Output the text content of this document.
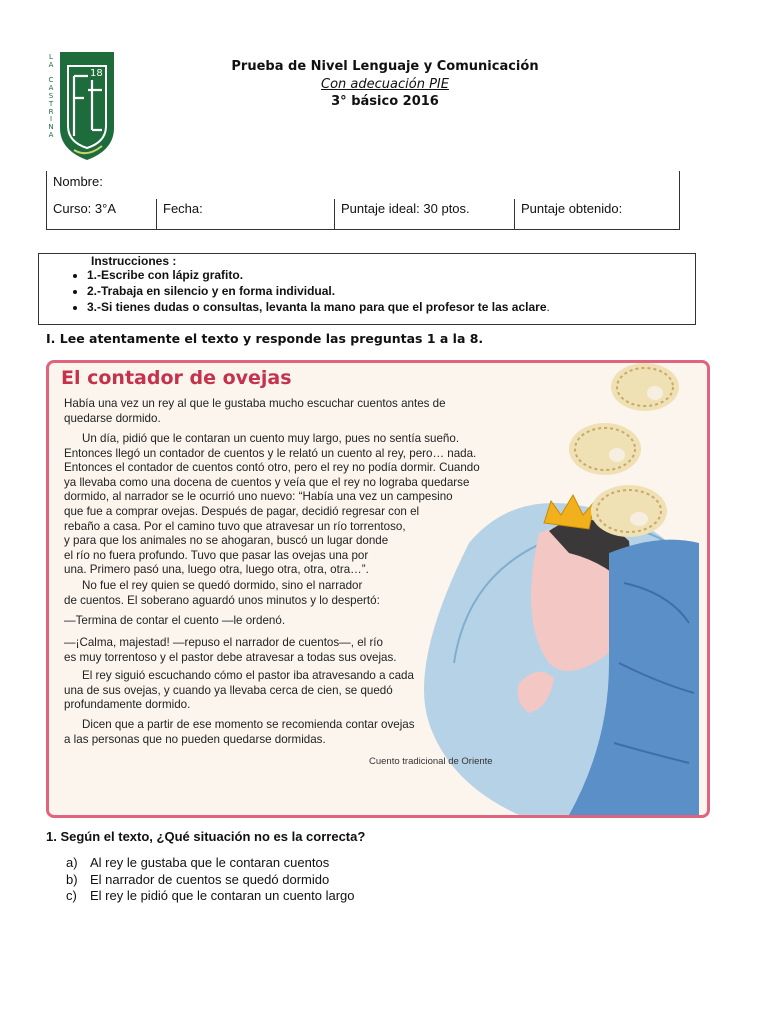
L
A

C
A
S
T
R
I
N
A
18	Prueba de Nivel Lenguaje y Comunicación
Con adecuación PIE
3° básico 2016
Nombre:
Curso: 3°A	Fecha:	Puntaje ideal: 30 ptos.	Puntaje obtenido:
Instrucciones :
• 1.-Escribe con lápiz grafito.
• 2.-Trabaja en silencio y en forma individual.
• 3.-Si tienes dudas o consultas, levanta la mano para que el profesor te las aclare.
I. Lee atentamente el texto y responde las preguntas 1 a la 8.
El contador de ovejas
Había una vez un rey al que le gustaba mucho escuchar cuentos antes de
quedarse dormido.
Un día, pidió que le contaran un cuento muy largo, pues no sentía sueño.
Entonces llegó un contador de cuentos y le relató un cuento al rey, pero… nada.
Entonces el contador de cuentos contó otro, pero el rey no podía dormir. Cuando
ya llevaba como una docena de cuentos y veía que el rey no lograba quedarse
dormido, al narrador se le ocurrió uno nuevo: “Había una vez un campesino
que fue a comprar ovejas. Después de pagar, decidió regresar con el
rebaño a casa. Por el camino tuvo que atravesar un río torrentoso,
y para que los animales no se ahogaran, buscó un lugar donde
el río no fuera profundo. Tuvo que pasar las ovejas una por
una. Primero pasó una, luego otra, luego otra, otra, otra…”.
No fue el rey quien se quedó dormido, sino el narrador
de cuentos. El soberano aguardó unos minutos y lo despertó:
—Termina de contar el cuento —le ordenó.
—¡Calma, majestad! —repuso el narrador de cuentos—, el río
es muy torrentoso y el pastor debe atravesar a todas sus ovejas.
El rey siguió escuchando cómo el pastor iba atravesando a cada
una de sus ovejas, y cuando ya llevaba cerca de cien, se quedó
profundamente dormido.
Dicen que a partir de ese momento se recomienda contar ovejas
a las personas que no pueden quedarse dormidas.
Cuento tradicional de Oriente
1. Según el texto, ¿Qué situación no es la correcta?
a) Al rey le gustaba que le contaran cuentos
b) El narrador de cuentos se quedó dormido
c) El rey le pidió que le contaran un cuento largo
